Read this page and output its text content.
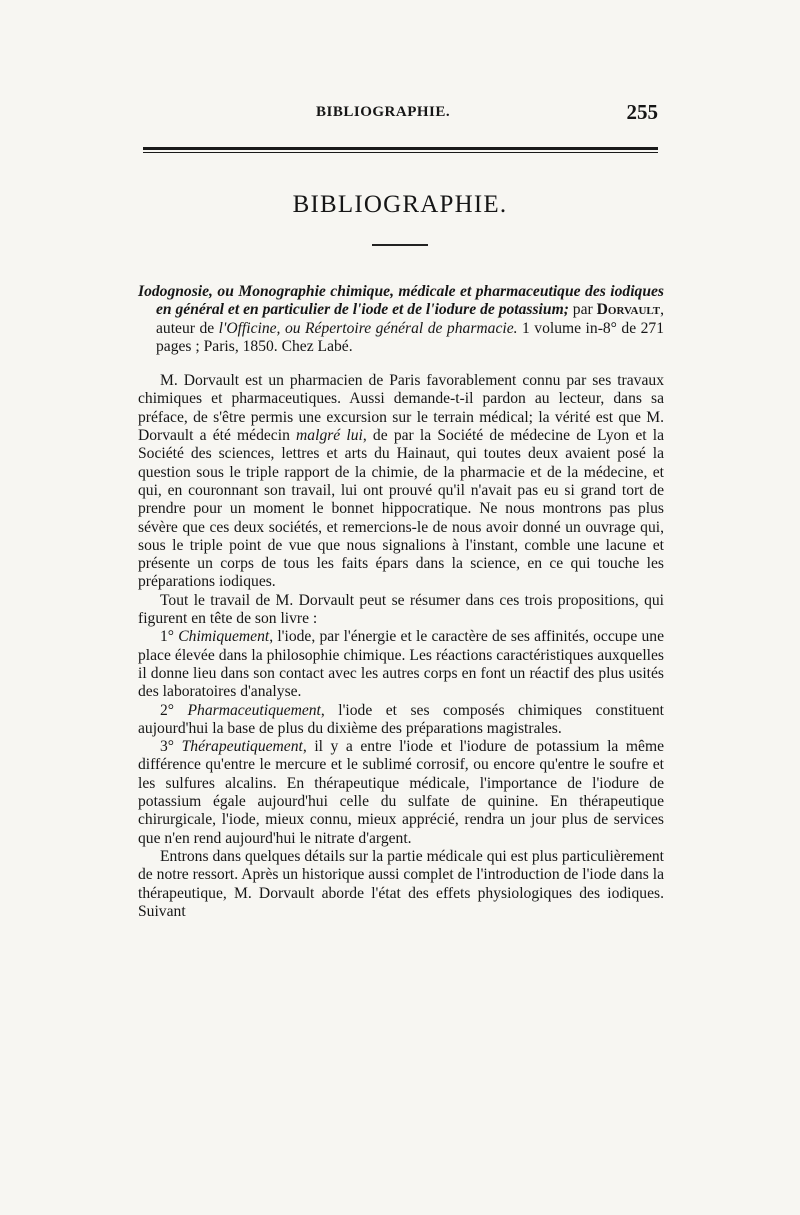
BIBLIOGRAPHIE.	255
BIBLIOGRAPHIE.

Iodognosie, ou Monographie chimique, médicale et pharmaceutique des iodiques en général et en particulier de l'iode et de l'iodure de potassium; par Dorvault, auteur de l'Officine, ou Répertoire général de pharmacie. 1 volume in-8° de 271 pages ; Paris, 1850. Chez Labé.

M. Dorvault est un pharmacien de Paris favorablement connu par ses travaux chimiques et pharmaceutiques. Aussi demande-t-il pardon au lecteur, dans sa préface, de s'être permis une excursion sur le terrain médical; la vérité est que M. Dorvault a été médecin malgré lui, de par la Société de médecine de Lyon et la Société des sciences, lettres et arts du Hainaut, qui toutes deux avaient posé la question sous le triple rapport de la chimie, de la pharmacie et de la médecine, et qui, en couronnant son travail, lui ont prouvé qu'il n'avait pas eu si grand tort de prendre pour un moment le bonnet hippocratique. Ne nous montrons pas plus sévère que ces deux sociétés, et remercions-le de nous avoir donné un ouvrage qui, sous le triple point de vue que nous signalions à l'instant, comble une lacune et présente un corps de tous les faits épars dans la science, en ce qui touche les préparations iodiques.

Tout le travail de M. Dorvault peut se résumer dans ces trois propositions, qui figurent en tête de son livre :

1° Chimiquement, l'iode, par l'énergie et le caractère de ses affinités, occupe une place élevée dans la philosophie chimique. Les réactions caractéristiques auxquelles il donne lieu dans son contact avec les autres corps en font un réactif des plus usités des laboratoires d'analyse.

2° Pharmaceutiquement, l'iode et ses composés chimiques constituent aujourd'hui la base de plus du dixième des préparations magistrales.

3° Thérapeutiquement, il y a entre l'iode et l'iodure de potassium la même différence qu'entre le mercure et le sublimé corrosif, ou encore qu'entre le soufre et les sulfures alcalins. En thérapeutique médicale, l'importance de l'iodure de potassium égale aujourd'hui celle du sulfate de quinine. En thérapeutique chirurgicale, l'iode, mieux connu, mieux apprécié, rendra un jour plus de services que n'en rend aujourd'hui le nitrate d'argent.

Entrons dans quelques détails sur la partie médicale qui est plus particulièrement de notre ressort. Après un historique aussi complet de l'introduction de l'iode dans la thérapeutique, M. Dorvault aborde l'état des effets physiologiques des iodiques. Suivant
